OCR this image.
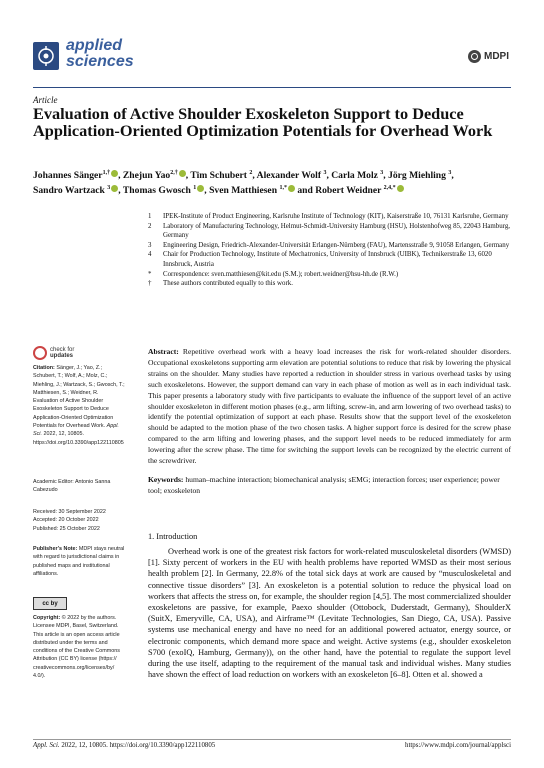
applied
sciences	MDPI
Article
Evaluation of Active Shoulder Exoskeleton Support to Deduce Application-Oriented Optimization Potentials for Overhead Work
Johannes Sänger$^{1,\dagger}$ , Zhejun Yao$^{2,\dagger}$ , Tim Schubert $^2$, Alexander Wolf $^3$, Carla Molz $^3$, Jörg Miehling $^3$,
Sandro Wartzack $^3$ , Thomas Gwosch $^1$ , Sven Matthiesen $^{1,*}$ and Robert Weidner $^{2,4,*}$
1	IPEK-Institute of Product Engineering, Karlsruhe Institute of Technology (KIT), Kaiserstraße 10, 76131 Karlsruhe, Germany
2	Laboratory of Manufacturing Technology, Helmut-Schmidt-University Hamburg (HSU), Holstenhofweg 85, 22043 Hamburg, Germany
3	Engineering Design, Friedrich-Alexander-Universität Erlangen-Nürnberg (FAU), Martensstraße 9, 91058 Erlangen, Germany
4	Chair for Production Technology, Institute of Mechatronics, University of Innsbruck (UIBK), Technikerstraße 13, 6020 Innsbruck, Austria
*	Correspondence: sven.matthiesen@kit.edu (S.M.); robert.weidner@hsu-hh.de (R.W.)
†	These authors contributed equally to this work.
check for
updates
Citation: Sänger, J.; Yao, Z.; Schubert, T.; Wolf, A.; Molz, C.; Miehling, J.; Wartzack, S.; Gwosch, T.; Matthiesen, S.; Weidner, R. Evaluation of Active Shoulder Exoskeleton Support to Deduce Application-Oriented Optimization Potentials for Overhead Work. Appl. Sci. 2022, 12, 10805. https://doi.org/10.3390/app122110805
Academic Editor: Antonio Sanna Cabezudo
Received: 30 September 2022
Accepted: 20 October 2022
Published: 25 October 2022
Publisher’s Note: MDPI stays neutral with regard to jurisdictional claims in published maps and institutional affiliations.
cc by
Copyright: © 2022 by the authors. Licensee MDPI, Basel, Switzerland. This article is an open access article distributed under the terms and conditions of the Creative Commons Attribution (CC BY) license (https:// creativecommons.org/licenses/by/ 4.0/).
Abstract: Repetitive overhead work with a heavy load increases the risk for work-related shoulder disorders. Occupational exoskeletons supporting arm elevation are potential solutions to reduce that risk by lowering the physical strains on the shoulder. Many studies have reported a reduction in shoulder stress in various overhead tasks by using such exoskeletons. However, the support demand can vary in each phase of motion as well as in each individual task. This paper presents a laboratory study with five participants to evaluate the influence of the support level of an active shoulder exoskeleton in different motion phases (e.g., arm lifting, screw-in, and arm lowering of two overhead tasks) to identify the potential optimization of support at each phase. Results show that the support level of the exoskeleton should be adapted to the motion phase of the two chosen tasks. A higher support force is desired for the screw phase compared to the arm lifting and lowering phases, and the support level needs to be reduced immediately for arm lowering after the screw phase. The time for switching the support levels can be recognized by the electric current of the screwdriver.
Keywords: human–machine interaction; biomechanical analysis; sEMG; interaction forces; user experience; power tool; exoskeleton
1. Introduction
Overhead work is one of the greatest risk factors for work-related musculoskeletal disorders (WMSD) [1]. Sixty percent of workers in the EU with health problems have reported WMSD as their most serious health problem [2]. In Germany, 22.8% of the total sick days at work are caused by “musculoskeletal and connective tissue disorders” [3]. An exoskeleton is a potential solution to reduce the physical load on workers that affects the stress on, for example, the shoulder region [4,5]. The most commercialized shoulder exoskeletons are passive, for example, Paexo shoulder (Ottobock, Duderstadt, Germany), ShoulderX (SuitX, Emeryville, CA, USA), and Airframe™ (Levitate Technologies, San Diego, CA, USA). Passive systems use mechanical energy and have no need for an additional powered actuator, energy source, or electronic components, which demand more space and weight. Active systems (e.g., shoulder exoskeleton S700 (exoIQ, Hamburg, Germany)), on the other hand, have the potential to regulate the support level during the use itself, adapting to the requirement of the manual task and individual wishes. Many studies have shown the effect of load reduction on workers with an exoskeleton [6–8]. Otten et al. showed a
Appl. Sci. 2022, 12, 10805. https://doi.org/10.3390/app122110805	https://www.mdpi.com/journal/applsci
